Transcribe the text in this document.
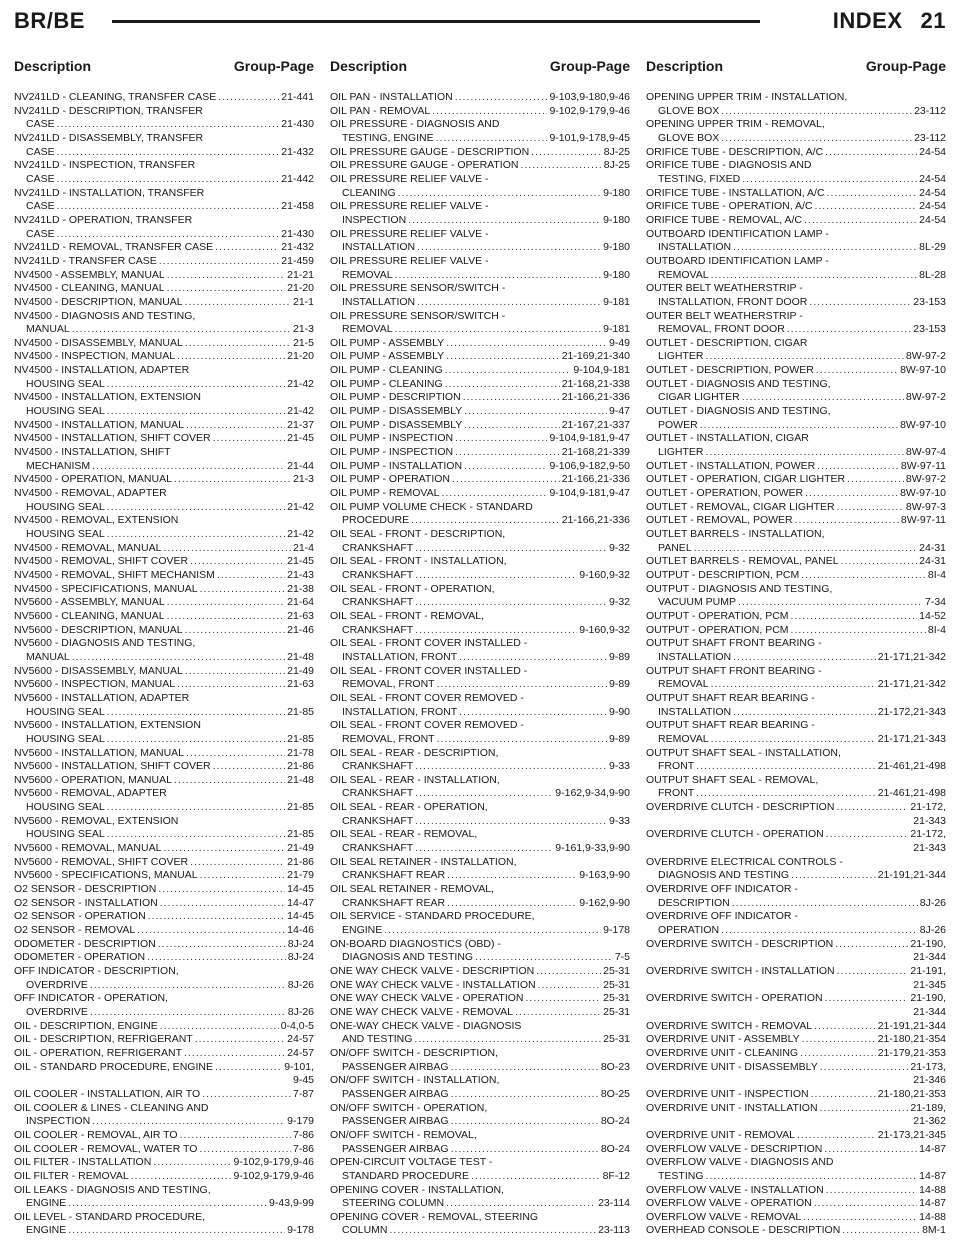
BR/BE	INDEX 21
Description	Group-Page Description	Group-Page Description	Group-Page
NV241LD - CLEANING, TRANSFER CASE .....	21-441
NV241LD - DESCRIPTION, TRANSFER
CASE .....	21-430
NV241LD - DISASSEMBLY, TRANSFER
CASE .....	21-432
NV241LD - INSPECTION, TRANSFER
CASE .....	21-442
NV241LD - INSTALLATION, TRANSFER
CASE .....	21-458
NV241LD - OPERATION, TRANSFER
CASE .....	21-430
NV241LD - REMOVAL, TRANSFER CASE .....	21-432
NV241LD - TRANSFER CASE .....	21-459
NV4500 - ASSEMBLY, MANUAL .....	21-21
NV4500 - CLEANING, MANUAL .....	21-20
NV4500 - DESCRIPTION, MANUAL .....	21-1
NV4500 - DIAGNOSIS AND TESTING,
MANUAL .....	21-3
NV4500 - DISASSEMBLY, MANUAL .....	21-5
NV4500 - INSPECTION, MANUAL .....	21-20
NV4500 - INSTALLATION, ADAPTER
HOUSING SEAL .....	21-42
NV4500 - INSTALLATION, EXTENSION
HOUSING SEAL .....	21-42
NV4500 - INSTALLATION, MANUAL .....	21-37
NV4500 - INSTALLATION, SHIFT COVER .....	21-45
NV4500 - INSTALLATION, SHIFT
MECHANISM .....	21-44
NV4500 - OPERATION, MANUAL .....	21-3
NV4500 - REMOVAL, ADAPTER
HOUSING SEAL .....	21-42
NV4500 - REMOVAL, EXTENSION
HOUSING SEAL .....	21-42
NV4500 - REMOVAL, MANUAL .....	21-4
NV4500 - REMOVAL, SHIFT COVER .....	21-45
NV4500 - REMOVAL, SHIFT MECHANISM .....	21-43
NV4500 - SPECIFICATIONS, MANUAL .....	21-38
NV5600 - ASSEMBLY, MANUAL .....	21-64
NV5600 - CLEANING, MANUAL .....	21-63
NV5600 - DESCRIPTION, MANUAL .....	21-46
NV5600 - DIAGNOSIS AND TESTING,
MANUAL .....	21-48
NV5600 - DISASSEMBLY, MANUAL .....	21-49
NV5600 - INSPECTION, MANUAL .....	21-63
NV5600 - INSTALLATION, ADAPTER
HOUSING SEAL .....	21-85
NV5600 - INSTALLATION, EXTENSION
HOUSING SEAL .....	21-85
NV5600 - INSTALLATION, MANUAL .....	21-78
NV5600 - INSTALLATION, SHIFT COVER .....	21-86
NV5600 - OPERATION, MANUAL .....	21-48
NV5600 - REMOVAL, ADAPTER
HOUSING SEAL .....	21-85
NV5600 - REMOVAL, EXTENSION
HOUSING SEAL .....	21-85
NV5600 - REMOVAL, MANUAL .....	21-49
NV5600 - REMOVAL, SHIFT COVER .....	21-86
NV5600 - SPECIFICATIONS, MANUAL .....	21-79
O2 SENSOR - DESCRIPTION .....	14-45
O2 SENSOR - INSTALLATION .....	14-47
O2 SENSOR - OPERATION .....	14-45
O2 SENSOR - REMOVAL .....	14-46
ODOMETER - DESCRIPTION .....	8J-24
ODOMETER - OPERATION .....	8J-24
OFF INDICATOR - DESCRIPTION,
OVERDRIVE .....	8J-26
OFF INDICATOR - OPERATION,
OVERDRIVE .....	8J-26
OIL - DESCRIPTION, ENGINE .....	0-4,0-5
OIL - DESCRIPTION, REFRIGERANT .....	24-57
OIL - OPERATION, REFRIGERANT .....	24-57
OIL - STANDARD PROCEDURE, ENGINE .....	9-101,
9-45
OIL COOLER - INSTALLATION, AIR TO .....	7-87
OIL COOLER & LINES - CLEANING AND
INSPECTION .....	9-179
OIL COOLER - REMOVAL, AIR TO .....	7-86
OIL COOLER - REMOVAL, WATER TO .....	7-86
OIL FILTER - INSTALLATION .....	9-102,9-179,9-46
OIL FILTER - REMOVAL .....	9-102,9-179,9-46
OIL LEAKS - DIAGNOSIS AND TESTING,
ENGINE .....	9-43,9-99
OIL LEVEL - STANDARD PROCEDURE,
ENGINE .....	9-178
OIL PAN - INSTALLATION .....	9-103,9-180,9-46
OIL PAN - REMOVAL .....	9-102,9-179,9-46
OIL PRESSURE - DIAGNOSIS AND
TESTING, ENGINE .....	9-101,9-178,9-45
OIL PRESSURE GAUGE - DESCRIPTION .....	8J-25
OIL PRESSURE GAUGE - OPERATION .....	8J-25
OIL PRESSURE RELIEF VALVE -
CLEANING .....	9-180
OIL PRESSURE RELIEF VALVE -
INSPECTION .....	9-180
OIL PRESSURE RELIEF VALVE -
INSTALLATION .....	9-180
OIL PRESSURE RELIEF VALVE -
REMOVAL .....	9-180
OIL PRESSURE SENSOR/SWITCH -
INSTALLATION .....	9-181
OIL PRESSURE SENSOR/SWITCH -
REMOVAL .....	9-181
OIL PUMP - ASSEMBLY .....	9-49
OIL PUMP - ASSEMBLY .....	21-169,21-340
OIL PUMP - CLEANING .....	9-104,9-181
OIL PUMP - CLEANING .....	21-168,21-338
OIL PUMP - DESCRIPTION .....	21-166,21-336
OIL PUMP - DISASSEMBLY .....	9-47
OIL PUMP - DISASSEMBLY .....	21-167,21-337
OIL PUMP - INSPECTION .....	9-104,9-181,9-47
OIL PUMP - INSPECTION .....	21-168,21-339
OIL PUMP - INSTALLATION .....	9-106,9-182,9-50
OIL PUMP - OPERATION .....	21-166,21-336
OIL PUMP - REMOVAL .....	9-104,9-181,9-47
OIL PUMP VOLUME CHECK - STANDARD
PROCEDURE .....	21-166,21-336
OIL SEAL - FRONT - DESCRIPTION,
CRANKSHAFT .....	9-32
OIL SEAL - FRONT - INSTALLATION,
CRANKSHAFT .....	9-160,9-32
OIL SEAL - FRONT - OPERATION,
CRANKSHAFT .....	9-32
OIL SEAL - FRONT - REMOVAL,
CRANKSHAFT .....	9-160,9-32
OIL SEAL - FRONT COVER INSTALLED -
INSTALLATION, FRONT .....	9-89
OIL SEAL - FRONT COVER INSTALLED -
REMOVAL, FRONT .....	9-89
OIL SEAL - FRONT COVER REMOVED -
INSTALLATION, FRONT .....	9-90
OIL SEAL - FRONT COVER REMOVED -
REMOVAL, FRONT .....	9-89
OIL SEAL - REAR - DESCRIPTION,
CRANKSHAFT .....	9-33
OIL SEAL - REAR - INSTALLATION,
CRANKSHAFT .....	9-162,9-34,9-90
OIL SEAL - REAR - OPERATION,
CRANKSHAFT .....	9-33
OIL SEAL - REAR - REMOVAL,
CRANKSHAFT .....	9-161,9-33,9-90
OIL SEAL RETAINER - INSTALLATION,
CRANKSHAFT REAR .....	9-163,9-90
OIL SEAL RETAINER - REMOVAL,
CRANKSHAFT REAR .....	9-162,9-90
OIL SERVICE - STANDARD PROCEDURE,
ENGINE .....	9-178
ON-BOARD DIAGNOSTICS (OBD) -
DIAGNOSIS AND TESTING .....	7-5
ONE WAY CHECK VALVE - DESCRIPTION .....	25-31
ONE WAY CHECK VALVE - INSTALLATION .....	25-31
ONE WAY CHECK VALVE - OPERATION .....	25-31
ONE WAY CHECK VALVE - REMOVAL .....	25-31
ONE-WAY CHECK VALVE - DIAGNOSIS
AND TESTING .....	25-31
ON/OFF SWITCH - DESCRIPTION,
PASSENGER AIRBAG .....	8O-23
ON/OFF SWITCH - INSTALLATION,
PASSENGER AIRBAG .....	8O-25
ON/OFF SWITCH - OPERATION,
PASSENGER AIRBAG .....	8O-24
ON/OFF SWITCH - REMOVAL,
PASSENGER AIRBAG .....	8O-24
OPEN-CIRCUIT VOLTAGE TEST -
STANDARD PROCEDURE .....	8F-12
OPENING COVER - INSTALLATION,
STEERING COLUMN .....	23-114
OPENING COVER - REMOVAL, STEERING
COLUMN .....	23-113
OPENING UPPER TRIM - INSTALLATION,
GLOVE BOX .....	23-112
OPENING UPPER TRIM - REMOVAL,
GLOVE BOX .....	23-112
ORIFICE TUBE - DESCRIPTION, A/C .....	24-54
ORIFICE TUBE - DIAGNOSIS AND
TESTING, FIXED .....	24-54
ORIFICE TUBE - INSTALLATION, A/C .....	24-54
ORIFICE TUBE - OPERATION, A/C .....	24-54
ORIFICE TUBE - REMOVAL, A/C .....	24-54
OUTBOARD IDENTIFICATION LAMP -
INSTALLATION .....	8L-29
OUTBOARD IDENTIFICATION LAMP -
REMOVAL .....	8L-28
OUTER BELT WEATHERSTRIP -
INSTALLATION, FRONT DOOR .....	23-153
OUTER BELT WEATHERSTRIP -
REMOVAL, FRONT DOOR .....	23-153
OUTLET - DESCRIPTION, CIGAR
LIGHTER .....	8W-97-2
OUTLET - DESCRIPTION, POWER .....	8W-97-10
OUTLET - DIAGNOSIS AND TESTING,
CIGAR LIGHTER .....	8W-97-2
OUTLET - DIAGNOSIS AND TESTING,
POWER .....	8W-97-10
OUTLET - INSTALLATION, CIGAR
LIGHTER .....	8W-97-4
OUTLET - INSTALLATION, POWER .....	8W-97-11
OUTLET - OPERATION, CIGAR LIGHTER .....	8W-97-2
OUTLET - OPERATION, POWER .....	8W-97-10
OUTLET - REMOVAL, CIGAR LIGHTER .....	8W-97-3
OUTLET - REMOVAL, POWER .....	8W-97-11
OUTLET BARRELS - INSTALLATION,
PANEL .....	24-31
OUTLET BARRELS - REMOVAL, PANEL .....	24-31
OUTPUT - DESCRIPTION, PCM .....	8I-4
OUTPUT - DIAGNOSIS AND TESTING,
VACUUM PUMP .....	7-34
OUTPUT - OPERATION, PCM .....	14-52
OUTPUT - OPERATION, PCM .....	8I-4
OUTPUT SHAFT FRONT BEARING -
INSTALLATION .....	21-171,21-342
OUTPUT SHAFT FRONT BEARING -
REMOVAL .....	21-171,21-342
OUTPUT SHAFT REAR BEARING -
INSTALLATION .....	21-172,21-343
OUTPUT SHAFT REAR BEARING -
REMOVAL .....	21-171,21-343
OUTPUT SHAFT SEAL - INSTALLATION,
FRONT .....	21-461,21-498
OUTPUT SHAFT SEAL - REMOVAL,
FRONT .....	21-461,21-498
OVERDRIVE CLUTCH - DESCRIPTION .....	21-172,
21-343
OVERDRIVE CLUTCH - OPERATION .....	21-172,
21-343
OVERDRIVE ELECTRICAL CONTROLS -
DIAGNOSIS AND TESTING .....	21-191,21-344
OVERDRIVE OFF INDICATOR -
DESCRIPTION .....	8J-26
OVERDRIVE OFF INDICATOR -
OPERATION .....	8J-26
OVERDRIVE SWITCH - DESCRIPTION .....	21-190,
21-344
OVERDRIVE SWITCH - INSTALLATION .....	21-191,
21-345
OVERDRIVE SWITCH - OPERATION .....	21-190,
21-344
OVERDRIVE SWITCH - REMOVAL .....	21-191,21-344
OVERDRIVE UNIT - ASSEMBLY .....	21-180,21-354
OVERDRIVE UNIT - CLEANING .....	21-179,21-353
OVERDRIVE UNIT - DISASSEMBLY .....	21-173,
21-346
OVERDRIVE UNIT - INSPECTION .....	21-180,21-353
OVERDRIVE UNIT - INSTALLATION .....	21-189,
21-362
OVERDRIVE UNIT - REMOVAL .....	21-173,21-345
OVERFLOW VALVE - DESCRIPTION .....	14-87
OVERFLOW VALVE - DIAGNOSIS AND
TESTING .....	14-87
OVERFLOW VALVE - INSTALLATION .....	14-88
OVERFLOW VALVE - OPERATION .....	14-87
OVERFLOW VALVE - REMOVAL .....	14-88
OVERHEAD CONSOLE - DESCRIPTION .....	8M-1
